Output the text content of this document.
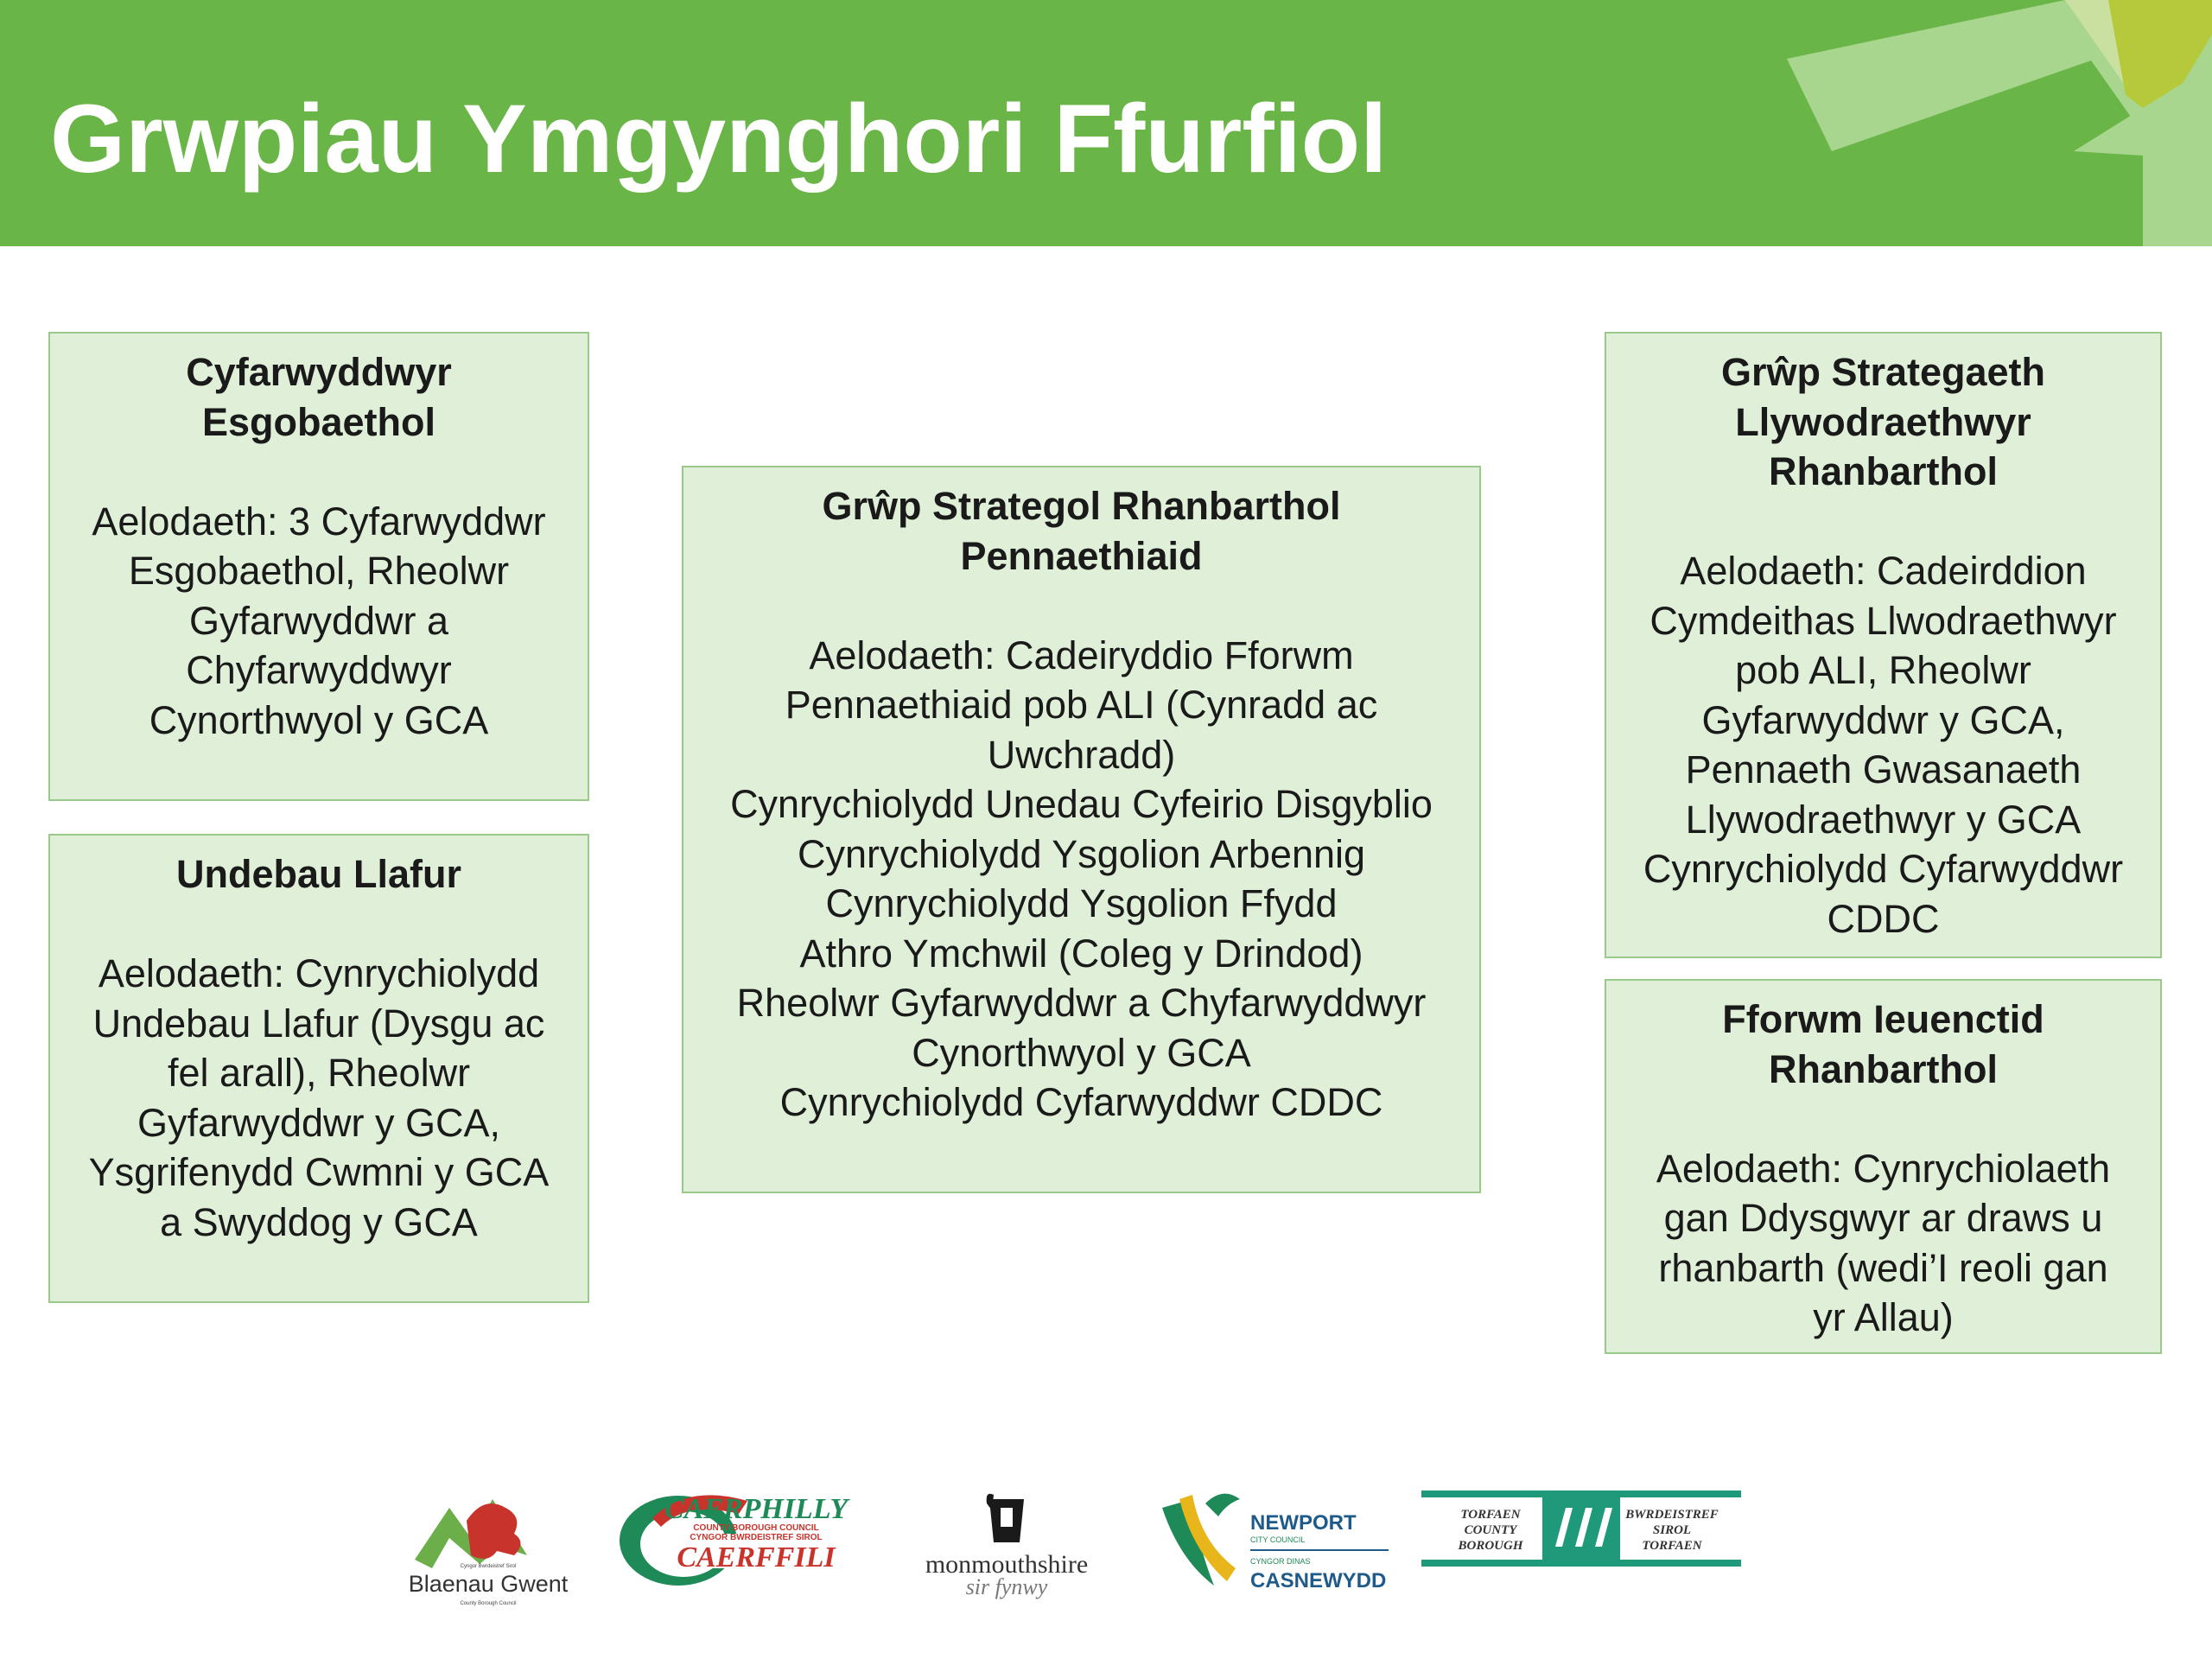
Grwpiau Ymgynghori Ffurfiol

Cyfarwyddwyr

Esgobaethol

Aelodaeth: 3 Cyfarwyddwr

Esgobaethol, Rheolwr

Gyfarwyddwr a

Chyfarwyddwyr

Cynorthwyol y GCA

Undebau Llafur

Aelodaeth: Cynrychiolydd

Undebau Llafur (Dysgu ac

fel arall), Rheolwr

Gyfarwyddwr y GCA,

Ysgrifenydd Cwmni y GCA

a Swyddog y GCA

Grŵp Strategol Rhanbarthol

Pennaethiaid

Aelodaeth: Cadeiryddio Fforwm

Pennaethiaid pob ALI (Cynradd ac

Uwchradd)

Cynrychiolydd Unedau Cyfeirio Disgyblio

Cynrychiolydd Ysgolion Arbennig

Cynrychiolydd Ysgolion Ffydd

Athro Ymchwil (Coleg y Drindod)

Rheolwr Gyfarwyddwr a Chyfarwyddwyr

Cynorthwyol y GCA

Cynrychiolydd Cyfarwyddwr CDDC

Grŵp Strategaeth

Llywodraethwyr

Rhanbarthol

Aelodaeth: Cadeirddion

Cymdeithas Llwodraethwyr

pob ALI, Rheolwr

Gyfarwyddwr y GCA,

Pennaeth Gwasanaeth

Llywodraethwyr y GCA

Cynrychiolydd Cyfarwyddwr

CDDC

Fforwm Ieuenctid

Rhanbarthol

Aelodaeth: Cynrychiolaeth

gan Ddysgwyr ar draws u

rhanbarth (wedi’I reoli gan

yr Allau)

Cyngor Bwrdeistref Sirol
Blaenau Gwent
County Borough Council
CAERPHILLY
COUNTY BOROUGH COUNCIL
CYNGOR BWRDEISTREF SIROL
CAERFFILI	monmouthshire
sir fynwy
NEWPORT
CITY COUNCIL
CYNGOR DINAS
CASNEWYDD
TORFAEN
COUNTY
BOROUGH
BWRDEISTREF
SIROL
TORFAEN
